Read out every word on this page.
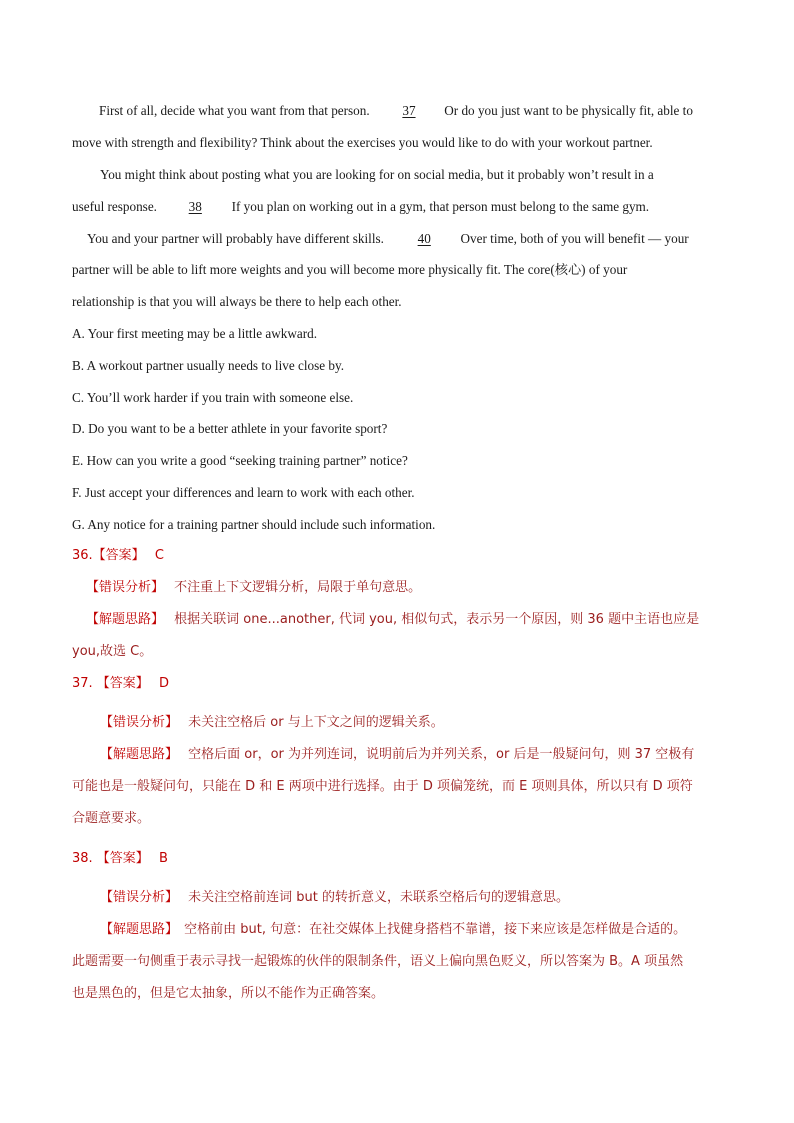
First of all, decide what you want from that person. 37 Or do you just want to be physically fit, able to
move with strength and flexibility? Think about the exercises you would like to do with your workout partner.
You might think about posting what you are looking for on social media, but it probably won’t result in a
useful response. 38 If you plan on working out in a gym, that person must belong to the same gym.
You and your partner will probably have different skills.	40 Over time, both of you will benefit — your
partner will be able to lift more weights and you will become more physically fit. The core(核心) of your
relationship is that you will always be there to help each other.
A. Your first meeting may be a little awkward.
B. A workout partner usually needs to live close by.
C. You’ll work harder if you train with someone else.
D. Do you want to be a better athlete in your favorite sport?
E. How can you write a good “seeking training partner” notice?
F. Just accept your differences and learn to work with each other.
G. Any notice for a training partner should include such information.
36.【答案】 C
【错误分析】 不注重上下文逻辑分析，局限于单句意思。
【解题思路】 根据关联词 one...another, 代词 you, 相似句式，表示另一个原因，则 36 题中主语也应是
you,故选 C。
37. 【答案】 D
【错误分析】 未关注空格后 or 与上下文之间的逻辑关系。
【解题思路】 空格后面 or，or 为并列连词，说明前后为并列关系，or 后是一般疑问句，则 37 空极有
可能也是一般疑问句，只能在 D 和 E 两项中进行选择。由于 D 项偏笼统，而 E 项则具体，所以只有 D 项符
合题意要求。
38. 【答案】 B
【错误分析】 未关注空格前连词 but 的转折意义，未联系空格后句的逻辑意思。
【解题思路】 空格前由 but, 句意：在社交媒体上找健身搭档不靠谱，接下来应该是怎样做是合适的。
此题需要一句侧重于表示寻找一起锻炼的伙伴的限制条件，语义上偏向黑色贬义，所以答案为 B。A 项虽然
也是黑色的，但是它太抽象，所以不能作为正确答案。
